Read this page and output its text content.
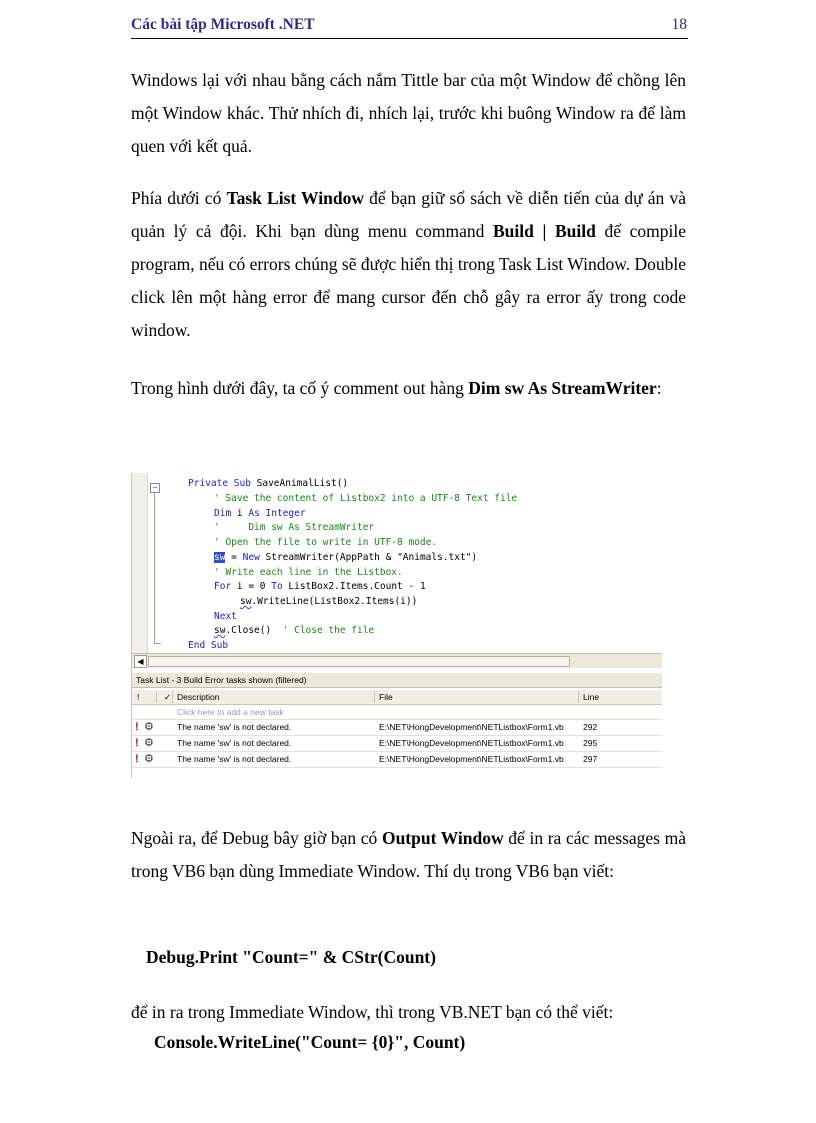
Các bài tập Microsoft .NET	18

Windows lại với nhau bằng cách nắm Tittle bar của một Window để chồng lên một Window khác. Thử nhích đi, nhích lại, trước khi buông Window ra để làm quen với kết quả.

Phía dưới có Task List Window để bạn giữ sổ sách về diễn tiến của dự án và quản lý cả đội. Khi bạn dùng menu command Build | Build để compile program, nếu có errors chúng sẽ được hiển thị trong Task List Window. Double click lên một hàng error để mang cursor đến chỗ gây ra error ấy trong code window.

Trong hình dưới đây, ta cố ý comment out hàng Dim sw As StreamWriter:

−	Private Sub SaveAnimalList()
' Save the content of Listbox2 into a UTF-8 Text file
Dim i As Integer
'     Dim sw As StreamWriter
' Open the file to write in UTF-8 mode.
sw = New StreamWriter(AppPath & "Animals.txt")
' Write each line in the Listbox.
For i = 0 To ListBox2.Items.Count - 1
sw.WriteLine(ListBox2.Items(i))
Next
sw.Close()  ' Close the file
End Sub
◀
Task List - 3 Build Error tasks shown (filtered)
!	✓ Description	File	Line
Click here to add a new task
! ⚙	The name 'sw' is not declared.	E:\NET\HongDevelopment\NETListbox\Form1.vb 292
! ⚙	The name 'sw' is not declared.	E:\NET\HongDevelopment\NETListbox\Form1.vb 295
! ⚙	The name 'sw' is not declared.	E:\NET\HongDevelopment\NETListbox\Form1.vb 297

Ngoài ra, để Debug bây giờ bạn có Output Window để in ra các messages mà trong VB6 bạn dùng Immediate Window. Thí dụ trong VB6 bạn viết:

Debug.Print "Count=" & CStr(Count)

để in ra trong Immediate Window, thì trong VB.NET bạn có thể viết:

Console.WriteLine("Count= {0}", Count)
